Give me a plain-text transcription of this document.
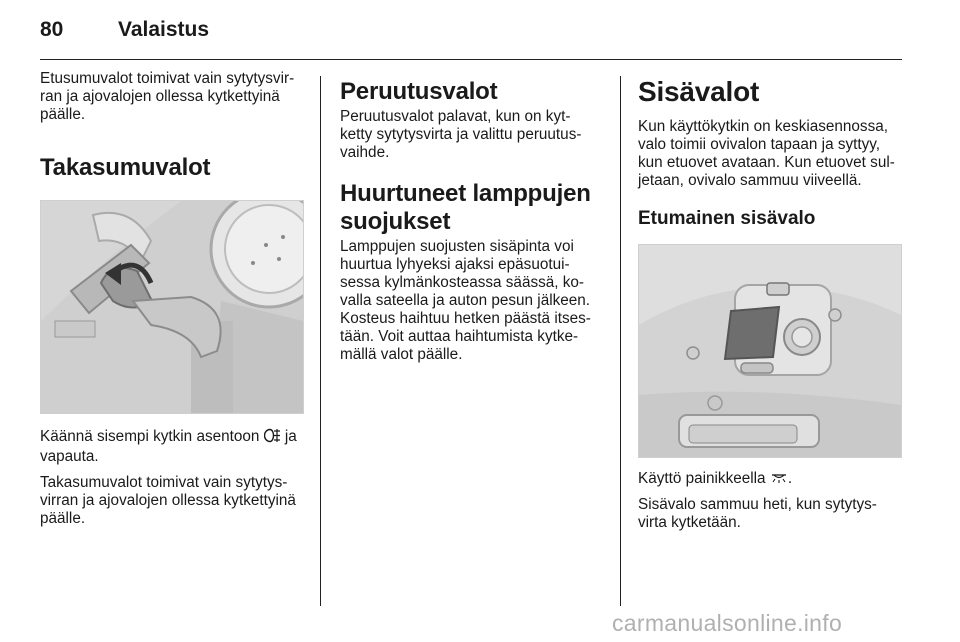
80	Valaistus

Etusumuvalot toimivat vain sytytysvir-
ran ja ajovalojen ollessa kytkettyinä
päälle.

Takasumuvalot

Käännä sisempi kytkin asentoon ja
vapauta.

Takasumuvalot toimivat vain sytytys-
virran ja ajovalojen ollessa kytkettyinä
päälle.

Peruutusvalot

Peruutusvalot palavat, kun on kyt-
ketty sytytysvirta ja valittu peruutus-
vaihde.

Huurtuneet lamppujen
suojukset

Lamppujen suojusten sisäpinta voi
huurtua lyhyeksi ajaksi epäsuotui-
sessa kylmänkosteassa säässä, ko-
valla sateella ja auton pesun jälkeen.
Kosteus haihtuu hetken päästä itses-
tään. Voit auttaa haihtumista kytke-
mällä valot päälle.

Sisävalot

Kun käyttökytkin on keskiasennossa,
valo toimii ovivalon tapaan ja syttyy,
kun etuovet avataan. Kun etuovet sul-
jetaan, ovivalo sammuu viiveellä.

Etumainen sisävalo

Käyttö painikkeella .

Sisävalo sammuu heti, kun sytytys-
virta kytketään.

carmanualsonline.info
